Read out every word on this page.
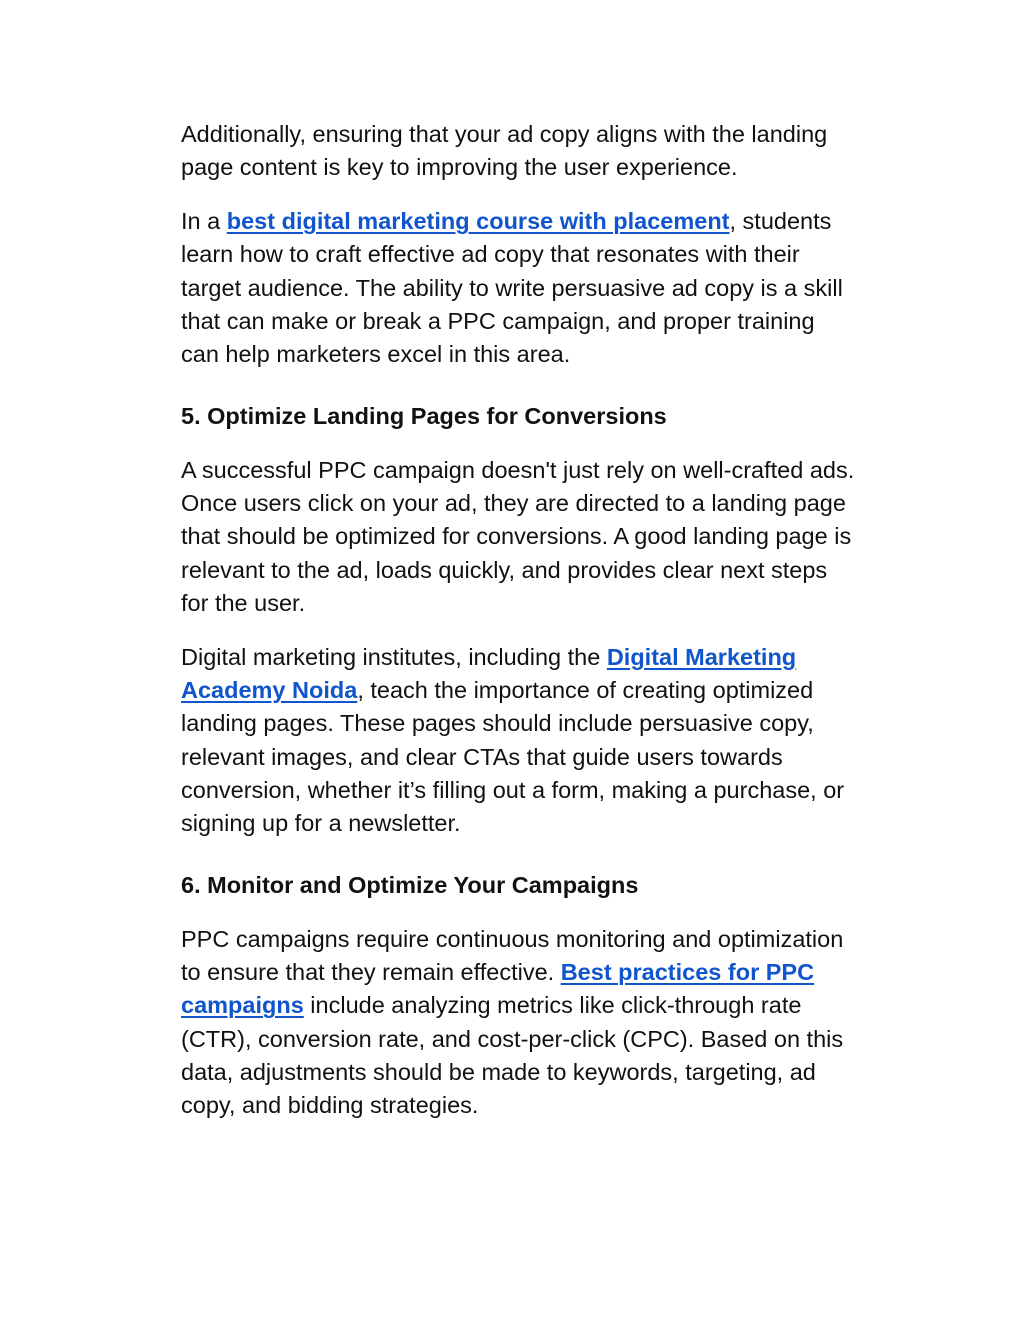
Additionally, ensuring that your ad copy aligns with the landing
page content is key to improving the user experience.

In a best digital marketing course with placement, students
learn how to craft effective ad copy that resonates with their
target audience. The ability to write persuasive ad copy is a skill
that can make or break a PPC campaign, and proper training
can help marketers excel in this area.

5. Optimize Landing Pages for Conversions

A successful PPC campaign doesn't just rely on well-crafted ads.
Once users click on your ad, they are directed to a landing page
that should be optimized for conversions. A good landing page is
relevant to the ad, loads quickly, and provides clear next steps
for the user.

Digital marketing institutes, including the Digital Marketing
Academy Noida, teach the importance of creating optimized
landing pages. These pages should include persuasive copy,
relevant images, and clear CTAs that guide users towards
conversion, whether it’s filling out a form, making a purchase, or
signing up for a newsletter.

6. Monitor and Optimize Your Campaigns

PPC campaigns require continuous monitoring and optimization
to ensure that they remain effective. Best practices for PPC
campaigns include analyzing metrics like click-through rate
(CTR), conversion rate, and cost-per-click (CPC). Based on this
data, adjustments should be made to keywords, targeting, ad
copy, and bidding strategies.
